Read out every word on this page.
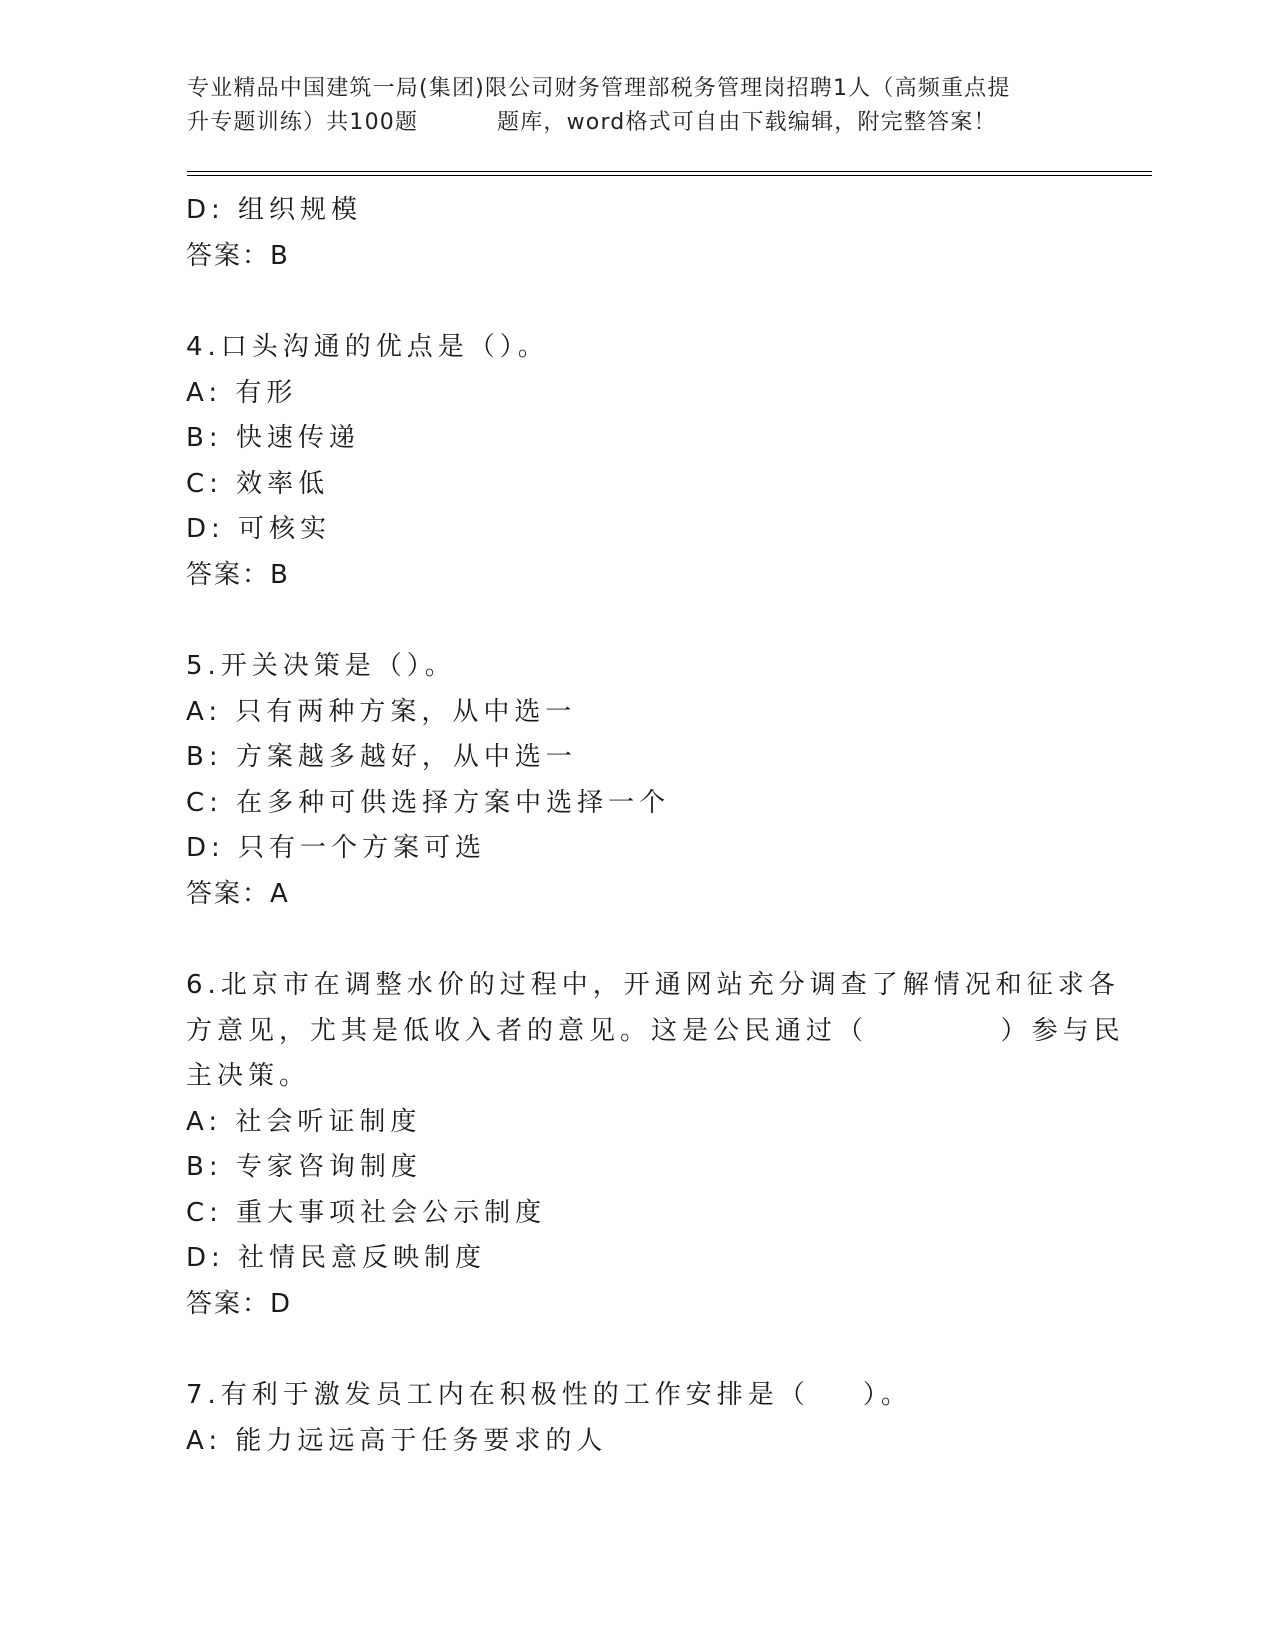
专业精品中国建筑一局(集团)限公司财务管理部税务管理岗招聘1人（高频重点提
升专题训练）共100题	题库，word格式可自由下载编辑，附完整答案！
D: 组织规模
答案：B
4.口头沟通的优点是（）。
A: 有形
B: 快速传递
C: 效率低
D: 可核实
答案：B
5.开关决策是（）。
A: 只有两种方案，从中选一
B: 方案越多越好，从中选一
C: 在多种可供选择方案中选择一个
D: 只有一个方案可选
答案：A
6.北京市在调整水价的过程中，开通网站充分调查了解情况和征求各
方意见，尤其是低收入者的意见。这是公民通过（          ）参与民
主决策。
A: 社会听证制度
B: 专家咨询制度
C: 重大事项社会公示制度
D: 社情民意反映制度
答案：D
7.有利于激发员工内在积极性的工作安排是（    ）。
A: 能力远远高于任务要求的人
